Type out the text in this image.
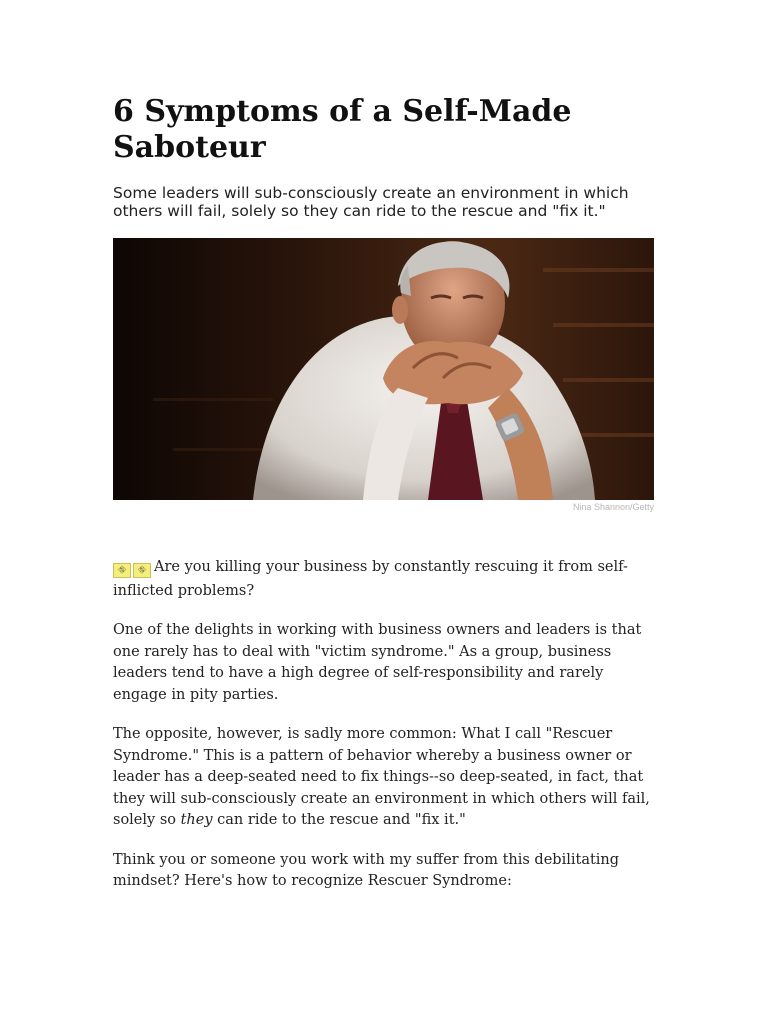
6 Symptoms of a Self-Made Saboteur

Some leaders will sub-consciously create an environment in which others will fail, solely so they can ride to the rescue and "fix it."

Nina Shannon/Getty

⛗ ⛗ Are you killing your business by constantly rescuing it from self-inflicted problems?

One of the delights in working with business owners and leaders is that one rarely has to deal with "victim syndrome." As a group, business leaders tend to have a high degree of self-responsibility and rarely engage in pity parties.

The opposite, however, is sadly more common: What I call "Rescuer Syndrome." This is a pattern of behavior whereby a business owner or leader has a deep-seated need to fix things--so deep-seated, in fact, that they will sub-consciously create an environment in which others will fail, solely so they can ride to the rescue and "fix it."

Think you or someone you work with my suffer from this debilitating mindset? Here's how to recognize Rescuer Syndrome:
